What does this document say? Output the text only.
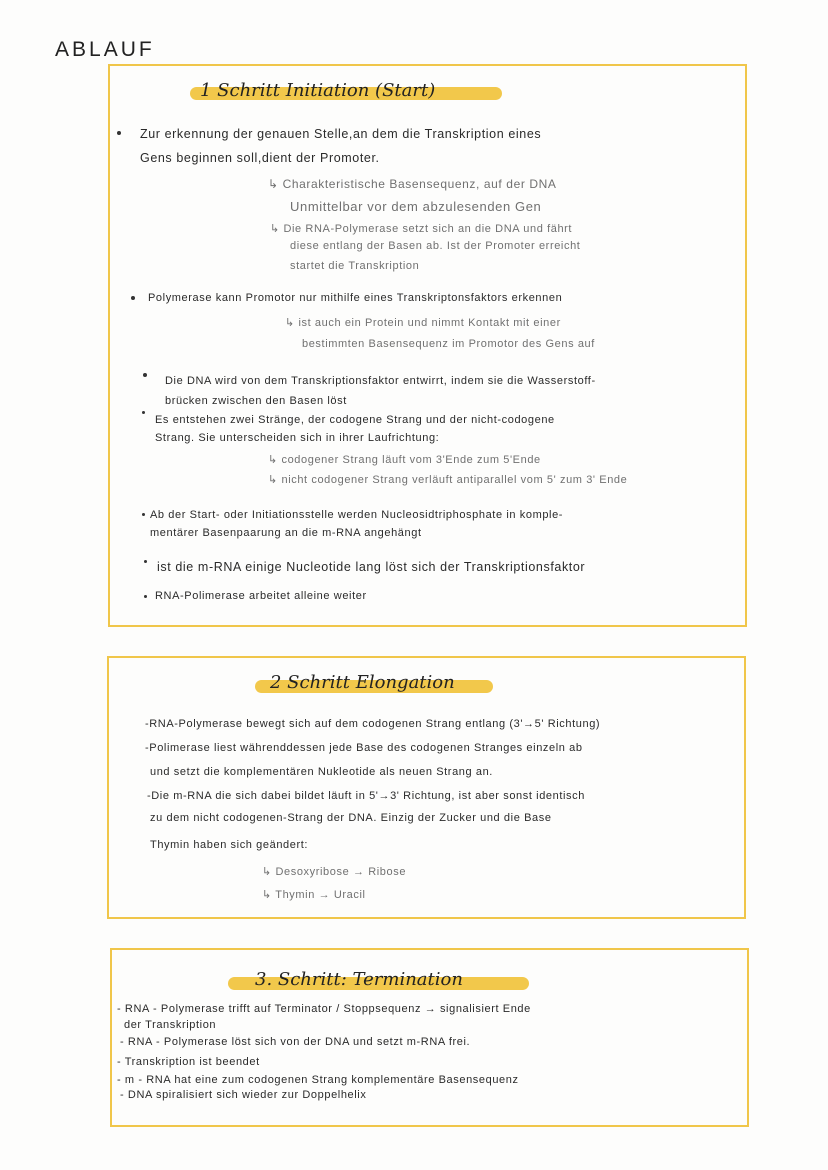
ABLAUF
1 Schritt Initiation (Start)
Zur erkennung der genauen Stelle,an dem die Transkription eines
Gens beginnen soll,dient der Promoter.
↳ Charakteristische Basensequenz, auf der DNA
Unmittelbar vor dem abzulesenden Gen
↳ Die RNA-Polymerase setzt sich an die DNA und fährt
diese entlang der Basen ab. Ist der Promoter erreicht
startet die Transkription
Polymerase kann Promotor nur mithilfe eines Transkriptonsfaktors erkennen
↳ ist auch ein Protein und nimmt Kontakt mit einer
bestimmten Basensequenz im Promotor des Gens auf
Die DNA wird von dem Transkriptionsfaktor entwirrt, indem sie die Wasserstoff-
brücken zwischen den Basen löst
Es entstehen zwei Stränge, der codogene Strang und der nicht-codogene
Strang. Sie unterscheiden sich in ihrer Laufrichtung:
↳ codogener Strang läuft vom 3'Ende zum 5'Ende
↳ nicht codogener Strang verläuft antiparallel vom 5' zum 3' Ende
Ab der Start- oder Initiationsstelle werden Nucleosidtriphosphate in komple-
mentärer Basenpaarung an die m-RNA angehängt
ist die m-RNA einige Nucleotide lang löst sich der Transkriptionsfaktor
RNA-Polimerase arbeitet alleine weiter
2 Schritt Elongation
-RNA-Polymerase bewegt sich auf dem codogenen Strang entlang (3'→5' Richtung)
-Polimerase liest währenddessen jede Base des codogenen Stranges einzeln ab
und setzt die komplementären Nukleotide als neuen Strang an.
-Die m-RNA die sich dabei bildet läuft in 5'→3' Richtung, ist aber sonst identisch
zu dem nicht codogenen-Strang der DNA. Einzig der Zucker und die Base
Thymin haben sich geändert:
↳ Desoxyribose → Ribose
↳ Thymin → Uracil
3. Schritt: Termination
- RNA - Polymerase trifft auf Terminator / Stoppsequenz → signalisiert Ende
der Transkription
- RNA - Polymerase löst sich von der DNA und setzt m-RNA frei.
- Transkription ist beendet
- m - RNA hat eine zum codogenen Strang komplementäre Basensequenz
- DNA spiralisiert sich wieder zur Doppelhelix
